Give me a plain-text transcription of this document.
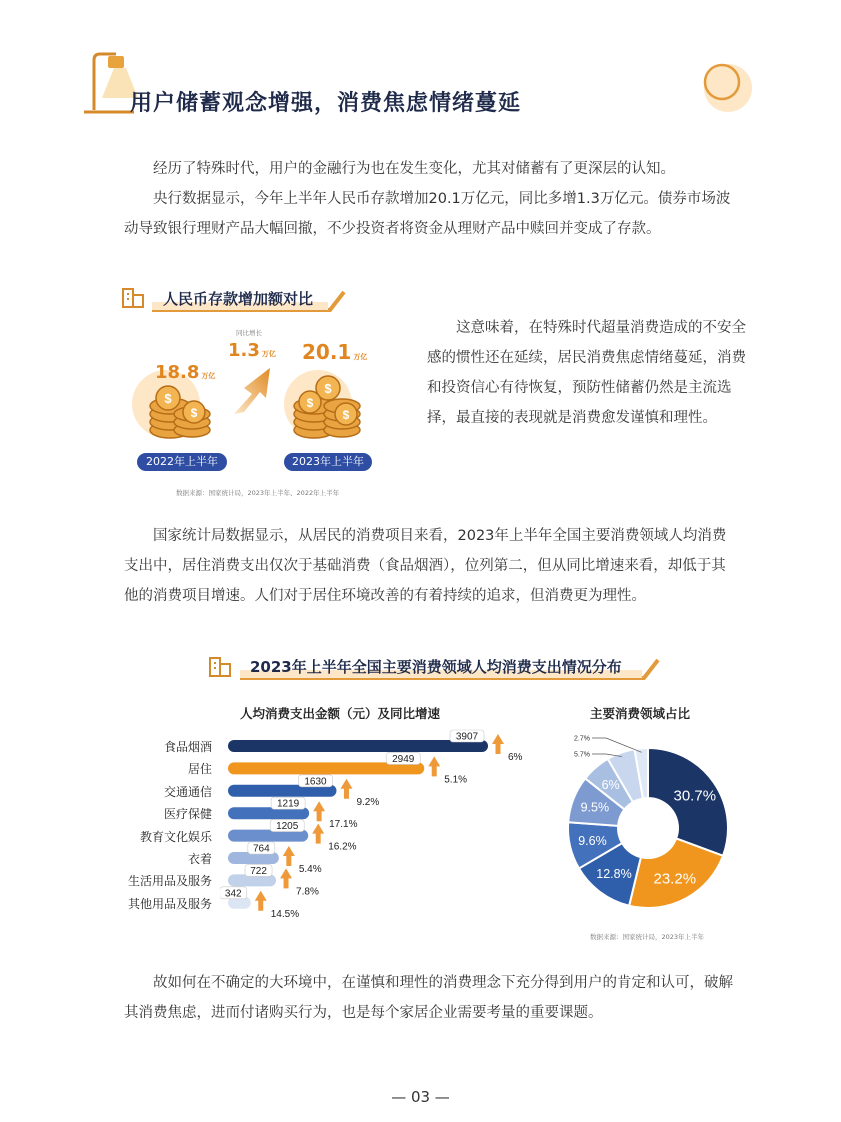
用户储蓄观念增强，消费焦虑情绪蔓延

经历了特殊时代，用户的金融行为也在发生变化，尤其对储蓄有了更深层的认知。

央行数据显示，今年上半年人民币存款增加20.1万亿元，同比多增1.3万亿元。债券市场波动导致银行理财产品大幅回撤，不少投资者将资金从理财产品中赎回并变成了存款。

人民币存款增加额对比
$
$
18.8 万亿
2022年上半年
同比增长
1.3 万亿
$
$
$
20.1 万亿
2023年上半年
数据来源：国家统计局，2023年上半年、2022年上半年

这意味着，在特殊时代超量消费造成的不安全感的惯性还在延续，居民消费焦虑情绪蔓延，消费和投资信心有待恢复，预防性储蓄仍然是主流选择，最直接的表现就是消费愈发谨慎和理性。

国家统计局数据显示，从居民的消费项目来看，2023年上半年全国主要消费领域人均消费支出中，居住消费支出仅次于基础消费（食品烟酒），位列第二，但从同比增速来看，却低于其他的消费项目增速。人们对于居住环境改善的有着持续的追求，但消费更为理性。

2023年上半年全国主要消费领域人均消费支出情况分布
人均消费支出金额（元）及同比增速	主要消费领域占比
食品烟酒
居住
交通通信
医疗保健
教育文化娱乐
衣着
生活用品及服务
其他用品及服务
3907
6%
2949
5.1%
1630
9.2%
1219
17.1%
1205
16.2%
764
5.4%
722
7.8%
342
14.5%
30.7%
23.2%
12.8%
9.6%
9.5%
6%
5.7%
2.7%
数据来源：国家统计局，2023年上半年

故如何在不确定的大环境中，在谨慎和理性的消费理念下充分得到用户的肯定和认可，破解其消费焦虑，进而付诸购买行为，也是每个家居企业需要考量的重要课题。

— 03 —
